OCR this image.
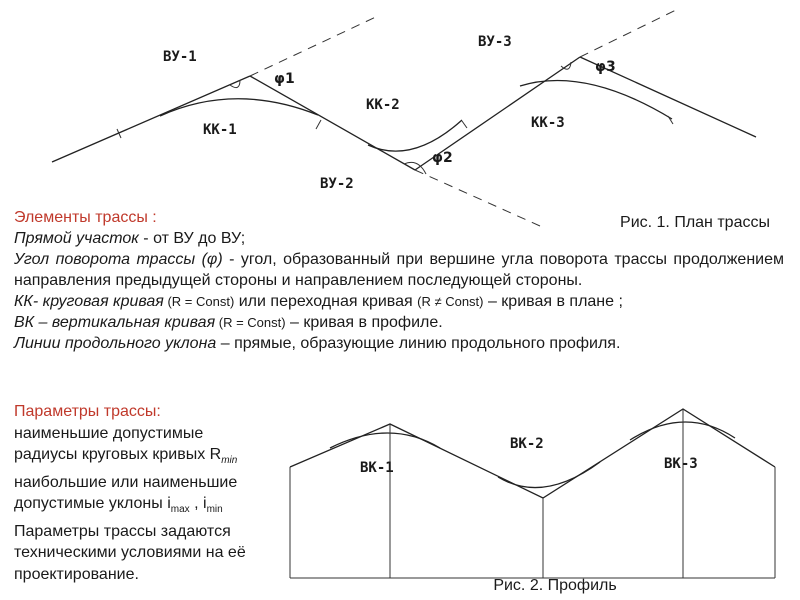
ВУ-1
ВУ-2
ВУ-3
КК-1
КК-2
КК-3
φ1
φ2
φ3
ВК-1
ВК-2
ВК-3
Рис. 1. План трассы
Рис. 2. Профиль

Элементы трассы :

Прямой участок - от ВУ до ВУ;

Угол поворота трассы (φ) - угол, образованный при вершине угла поворота трассы продолжением направления предыдущей стороны и направлением последующей стороны.

КК- круговая кривая (R = Const) или переходная кривая (R ≠ Const) – кривая в плане ;

ВК – вертикальная кривая (R = Const) – кривая в профиле.

Линии продольного уклона – прямые, образующие линию продольного профиля.

Параметры трассы:

наименьшие допустимые

радиусы круговых кривых $R_{min}$

наибольшие или наименьшие

допустимые уклоны $i_{max}$ , $i_{min}$

Параметры трассы задаются

техническими условиями на её

проектирование.
